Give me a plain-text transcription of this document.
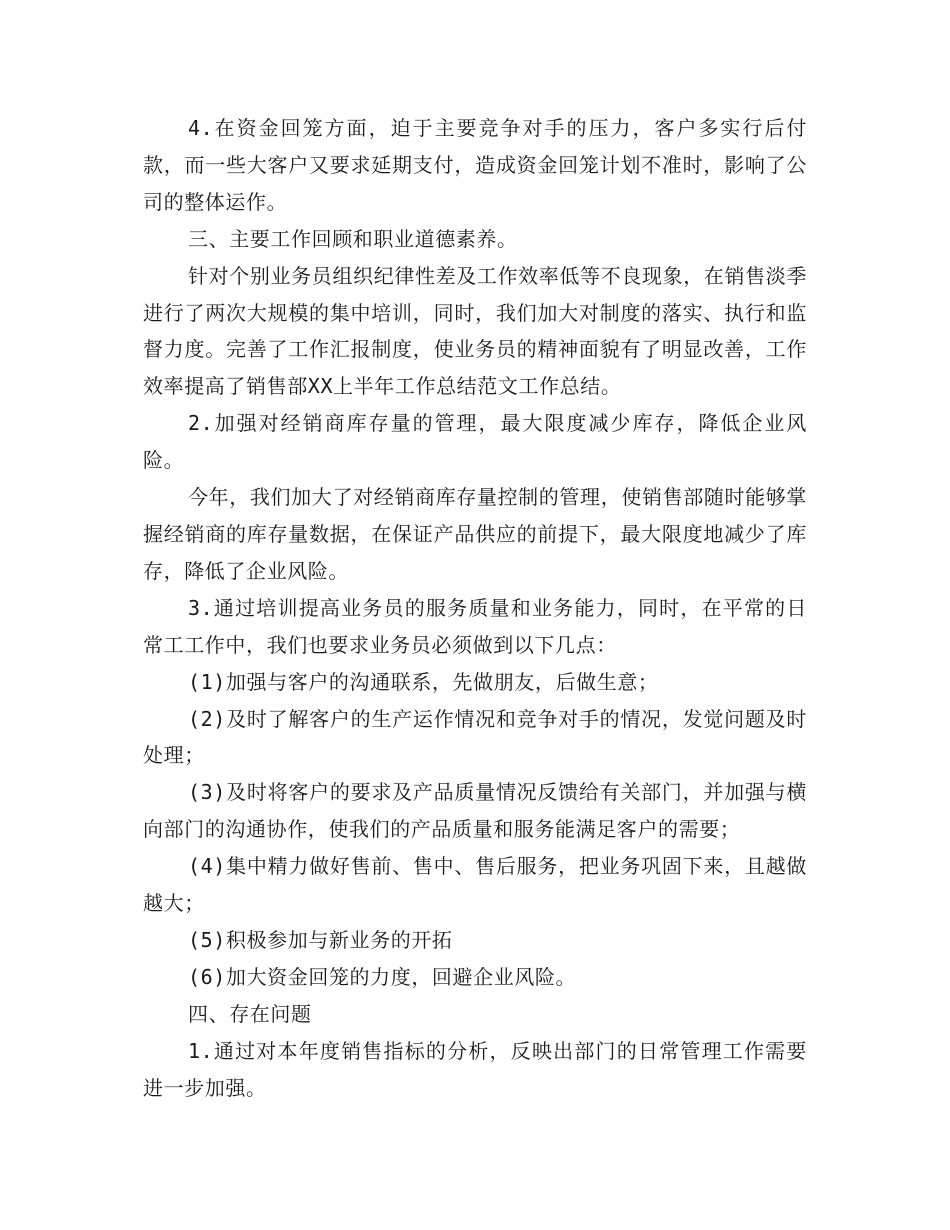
4.在资金回笼方面，迫于主要竞争对手的压力，客户多实行后付款，而一些大客户又要求延期支付，造成资金回笼计划不准时，影响了公司的整体运作。

三、主要工作回顾和职业道德素养。

针对个别业务员组织纪律性差及工作效率低等不良现象，在销售淡季进行了两次大规模的集中培训，同时，我们加大对制度的落实、执行和监督力度。完善了工作汇报制度，使业务员的精神面貌有了明显改善，工作效率提高了销售部XX上半年工作总结范文工作总结。

2.加强对经销商库存量的管理，最大限度减少库存，降低企业风险。

今年，我们加大了对经销商库存量控制的管理，使销售部随时能够掌握经销商的库存量数据，在保证产品供应的前提下，最大限度地减少了库存，降低了企业风险。

3.通过培训提高业务员的服务质量和业务能力，同时，在平常的日常工工作中，我们也要求业务员必须做到以下几点：

(1)加强与客户的沟通联系，先做朋友，后做生意；

(2)及时了解客户的生产运作情况和竞争对手的情况，发觉问题及时处理；

(3)及时将客户的要求及产品质量情况反馈给有关部门，并加强与横向部门的沟通协作，使我们的产品质量和服务能满足客户的需要；

(4)集中精力做好售前、售中、售后服务，把业务巩固下来，且越做越大；

(5)积极参加与新业务的开拓

(6)加大资金回笼的力度，回避企业风险。

四、存在问题

1.通过对本年度销售指标的分析，反映出部门的日常管理工作需要进一步加强。
